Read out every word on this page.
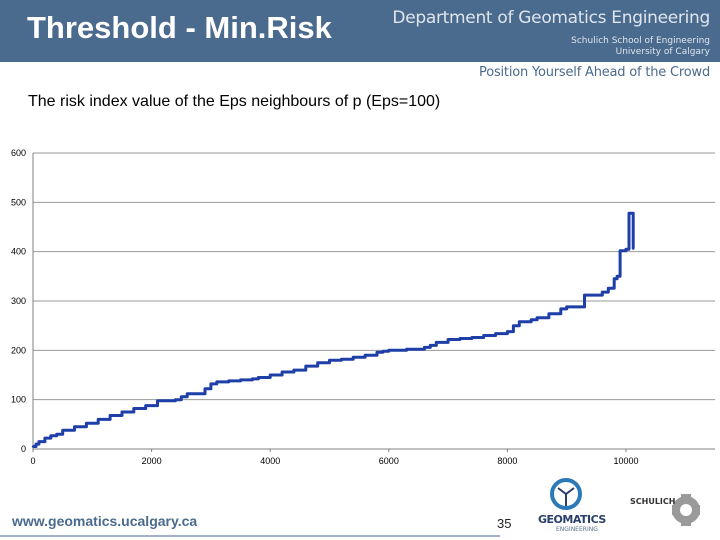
Threshold - Min.Risk	Department of Geomatics Engineering
Schulich School of Engineering
University of Calgary
Position Yourself Ahead of the Crowd
The risk index value of the Eps neighbours of p (Eps=100)
0
100
200
300
400
500
600
0	2000	4000	6000	8000	10000
www.geomatics.ucalgary.ca	35 GEOMATICS
ENGINEERING
SCHULICH
